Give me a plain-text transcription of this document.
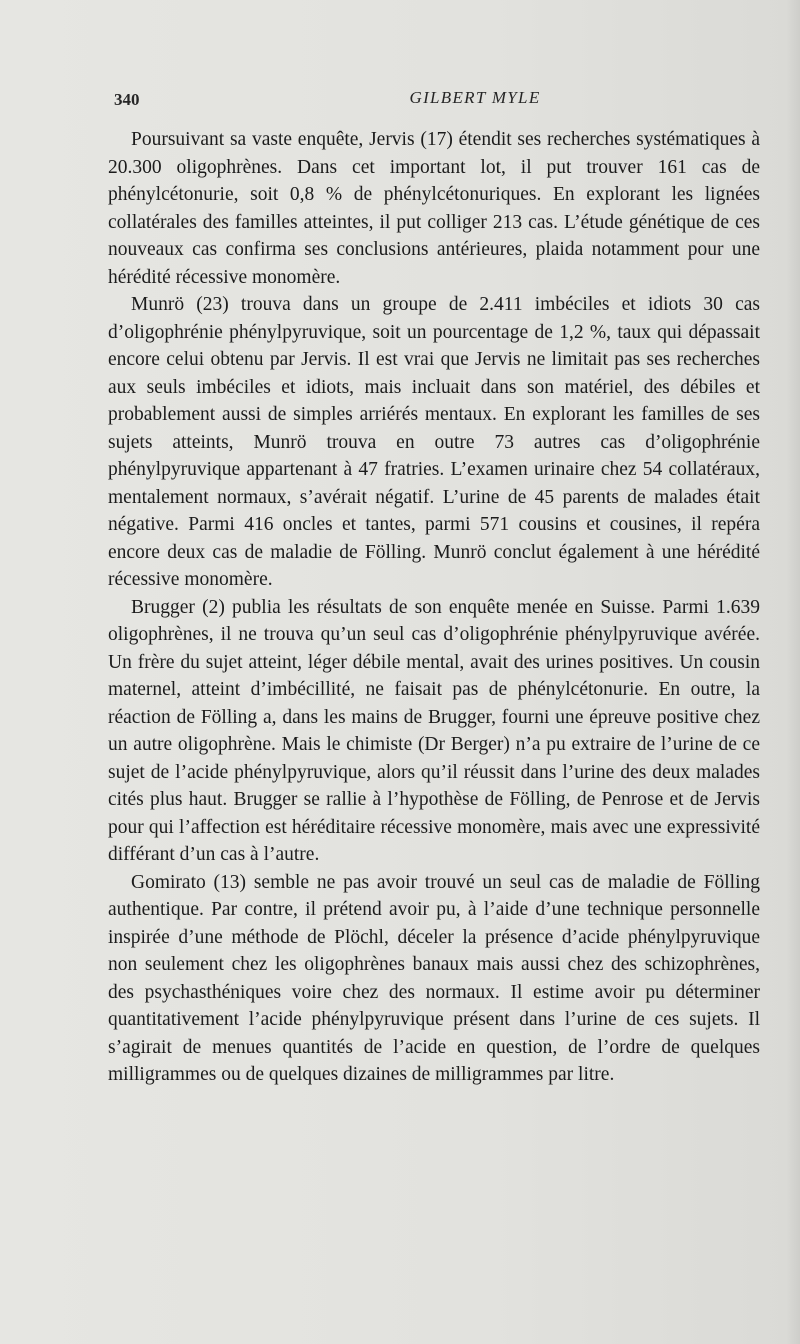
340	GILBERT MYLE

Poursuivant sa vaste enquête, Jervis (17) étendit ses recherches systématiques à 20.300 oligophrènes. Dans cet important lot, il put trouver 161 cas de phénylcétonurie, soit 0,8 % de phénylcétonuriques. En explorant les lignées collatérales des familles atteintes, il put colliger 213 cas. L’étude génétique de ces nouveaux cas confirma ses conclusions antérieures, plaida notamment pour une hérédité récessive monomère.

Munrö (23) trouva dans un groupe de 2.411 imbéciles et idiots 30 cas d’oligophrénie phénylpyruvique, soit un pourcentage de 1,2 %, taux qui dépassait encore celui obtenu par Jervis. Il est vrai que Jervis ne limitait pas ses recherches aux seuls imbéciles et idiots, mais incluait dans son matériel, des débiles et probablement aussi de simples arriérés mentaux. En explorant les familles de ses sujets atteints, Munrö trouva en outre 73 autres cas d’oligophrénie phénylpyruvique appartenant à 47 fratries. L’examen urinaire chez 54 collatéraux, mentalement normaux, s’avérait négatif. L’urine de 45 parents de malades était négative. Parmi 416 oncles et tantes, parmi 571 cousins et cousines, il repéra encore deux cas de maladie de Fölling. Munrö conclut également à une hérédité récessive monomère.

Brugger (2) publia les résultats de son enquête menée en Suisse. Parmi 1.639 oligophrènes, il ne trouva qu’un seul cas d’oligophrénie phénylpyruvique avérée. Un frère du sujet atteint, léger débile mental, avait des urines positives. Un cousin maternel, atteint d’imbécillité, ne faisait pas de phénylcétonurie. En outre, la réaction de Fölling a, dans les mains de Brugger, fourni une épreuve positive chez un autre oligophrène. Mais le chimiste (Dr Berger) n’a pu extraire de l’urine de ce sujet de l’acide phénylpyruvique, alors qu’il réussit dans l’urine des deux malades cités plus haut. Brugger se rallie à l’hypothèse de Fölling, de Penrose et de Jervis pour qui l’affection est héréditaire récessive monomère, mais avec une expressivité différant d’un cas à l’autre.

Gomirato (13) semble ne pas avoir trouvé un seul cas de maladie de Fölling authentique. Par contre, il prétend avoir pu, à l’aide d’une technique personnelle inspirée d’une méthode de Plöchl, déceler la présence d’acide phénylpyruvique non seulement chez les oligophrènes banaux mais aussi chez des schizophrènes, des psychasthéniques voire chez des normaux. Il estime avoir pu déterminer quantitativement l’acide phénylpyruvique présent dans l’urine de ces sujets. Il s’agirait de menues quantités de l’acide en question, de l’ordre de quelques milligrammes ou de quelques dizaines de milligrammes par litre.
